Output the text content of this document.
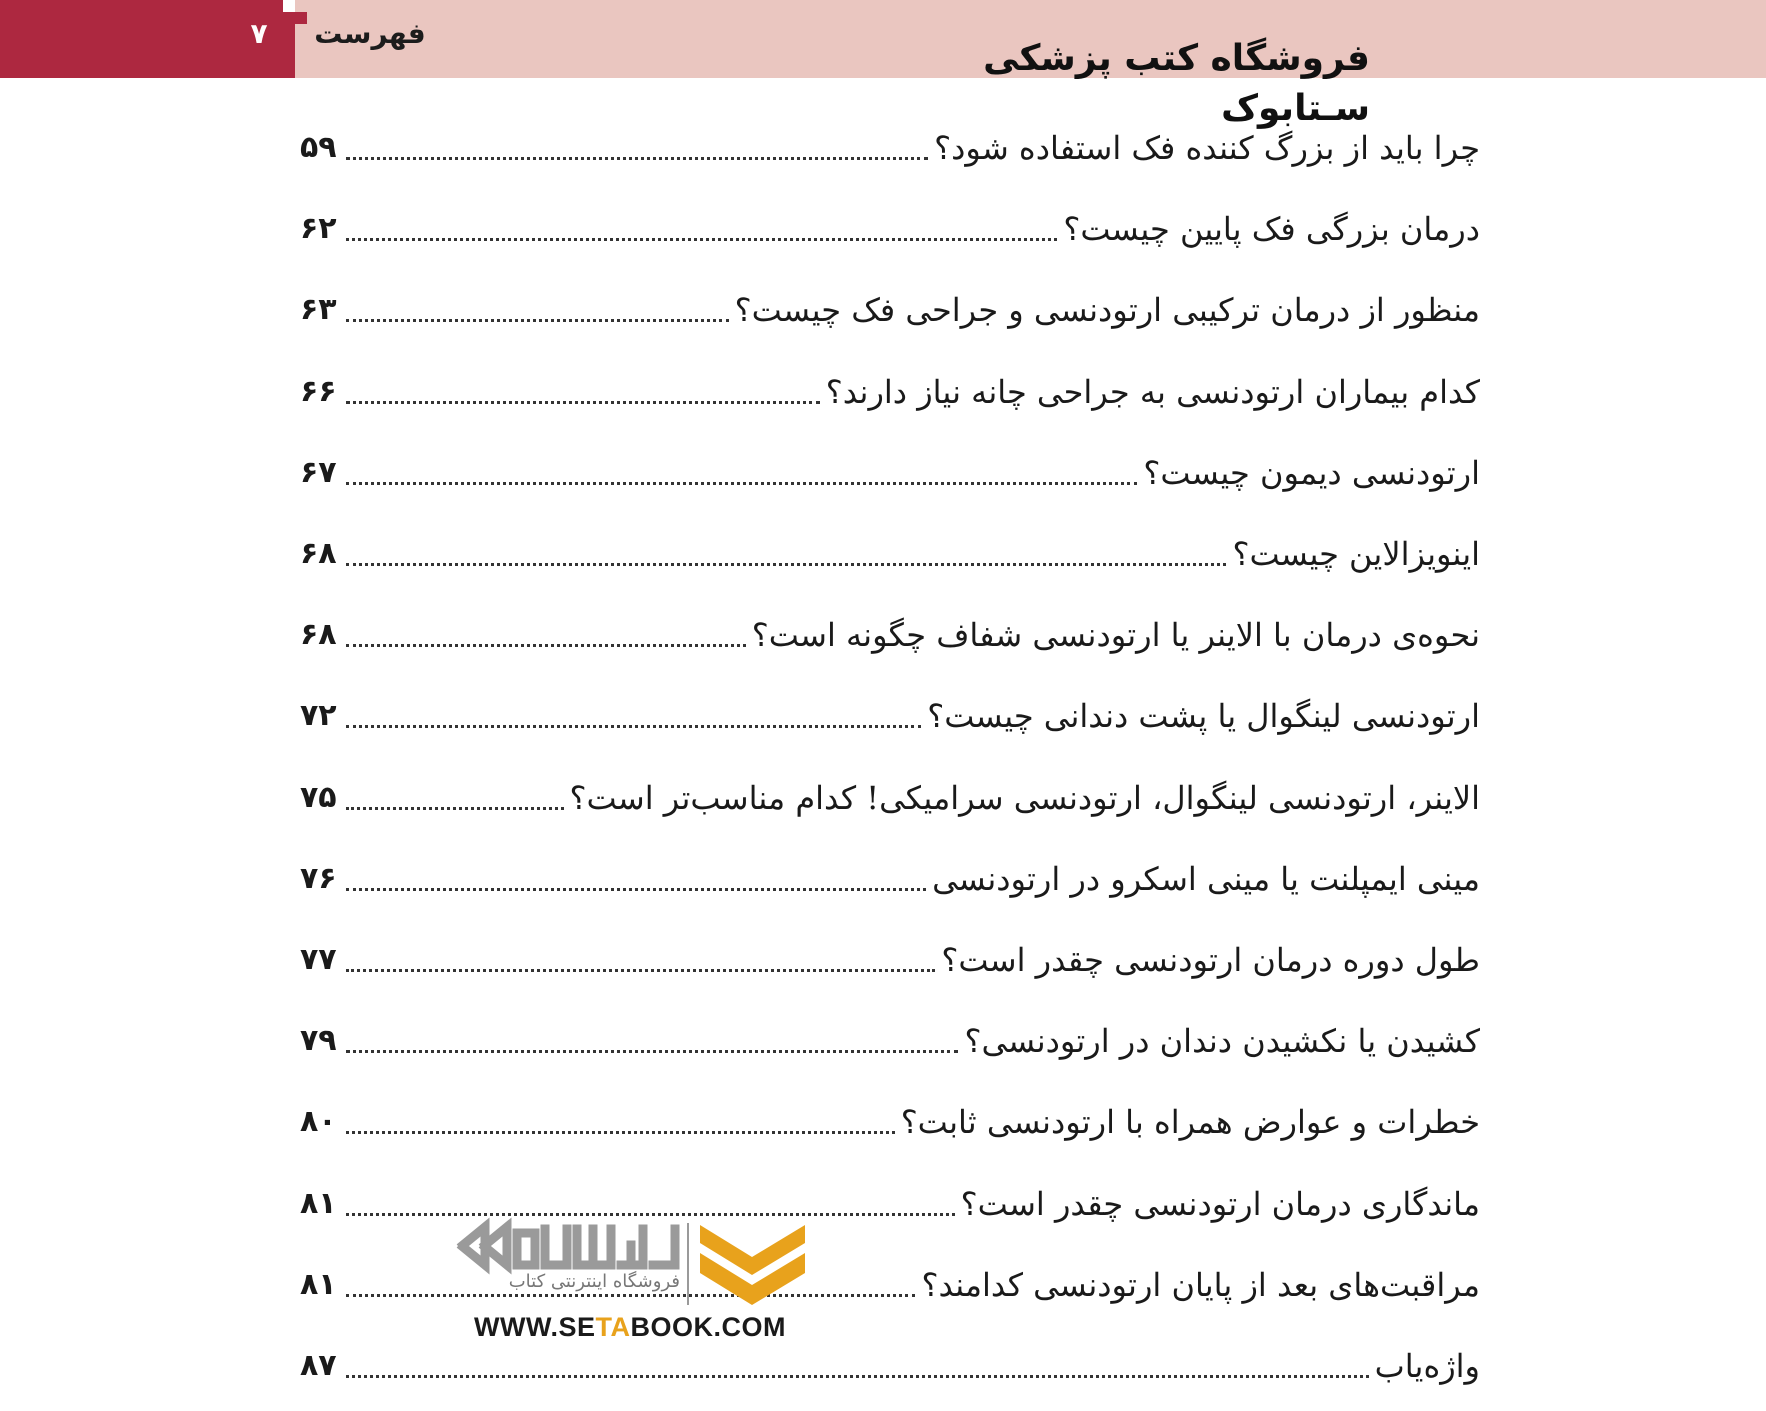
۷	فهرست
فروشگاه کتب پزشکی سـتابوک
چرا باید از بزرگ کننده فک استفاده شود؟
۵۹
درمان بزرگی فک پایین چیست؟
۶۲
منظور از درمان ترکیبی ارتودنسی و جراحی فک چیست؟
۶۳
کدام بیماران ارتودنسی به جراحی چانه نیاز دارند؟
۶۶
ارتودنسی دیمون چیست؟
۶۷
اینویزالاین چیست؟
۶۸
نحوه‌ی درمان با الاینر یا ارتودنسی شفاف چگونه است؟
۶۸
ارتودنسی لینگوال یا پشت دندانی چیست؟
۷۲
الاینر، ارتودنسی لینگوال، ارتودنسی سرامیکی! کدام مناسب‌تر است؟
۷۵
مینی ایمپلنت یا مینی اسکرو در ارتودنسی
۷۶
طول دوره درمان ارتودنسی چقدر است؟
۷۷
کشیدن یا نکشیدن دندان در ارتودنسی؟
۷۹
خطرات و عوارض همراه با ارتودنسی ثابت؟
۸۰
ماندگاری درمان ارتودنسی چقدر است؟
۸۱
مراقبت‌های بعد از پایان ارتودنسی کدامند؟
۸۱
واژه‌یاب
۸۷
فروشگاه اینترنتی کتاب
WWW.SETABOOK.COM
